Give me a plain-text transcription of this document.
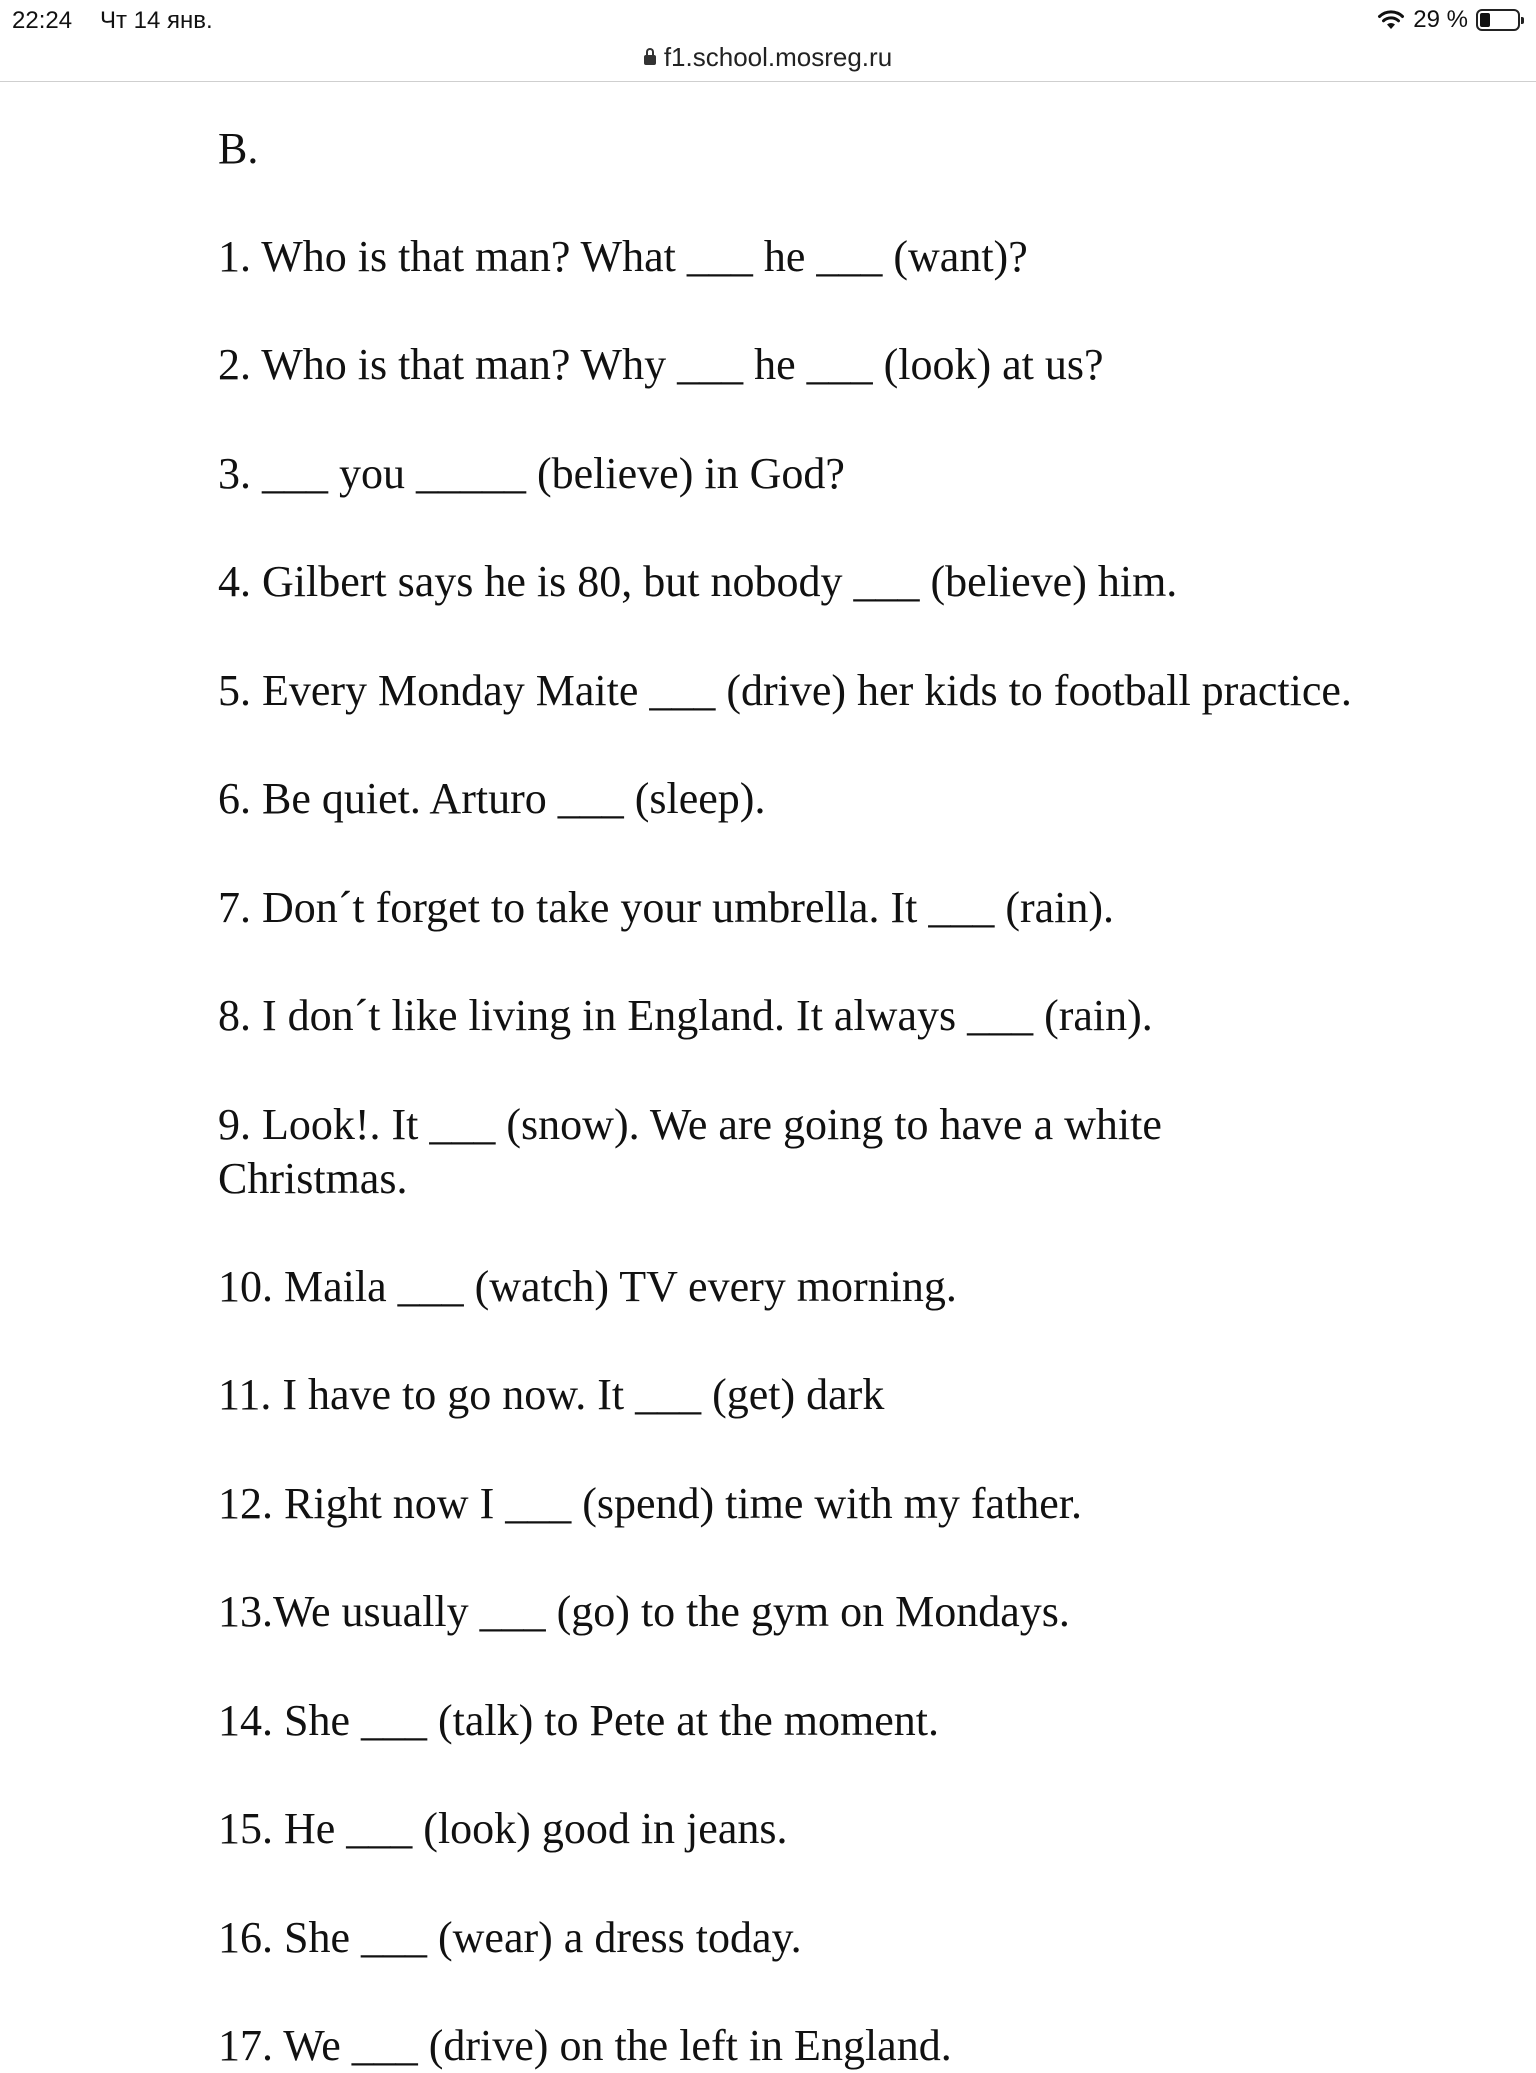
22:24 Чт 14 янв.	29 %
f1.school.mosreg.ru
B.
1. Who is that man? What ___ he ___ (want)?
2. Who is that man? Why ___ he ___ (look) at us?
3. ___ you _____ (believe) in God?
4. Gilbert says he is 80, but nobody ___ (believe) him.
5. Every Monday Maite ___ (drive) her kids to football practice.
6. Be quiet. Arturo ___ (sleep).
7. Don´t forget to take your umbrella. It ___ (rain).
8. I don´t like living in England. It always ___ (rain).
9. Look!. It ___ (snow). We are going to have a white Christmas.
10. Maila ___ (watch) TV every morning.
11. I have to go now. It ___ (get) dark
12. Right now I ___ (spend) time with my father.
13.We usually ___ (go) to the gym on Mondays.
14. She ___ (talk) to Pete at the moment.
15. He ___ (look) good in jeans.
16. She ___ (wear) a dress today.
17. We ___ (drive) on the left in England.
